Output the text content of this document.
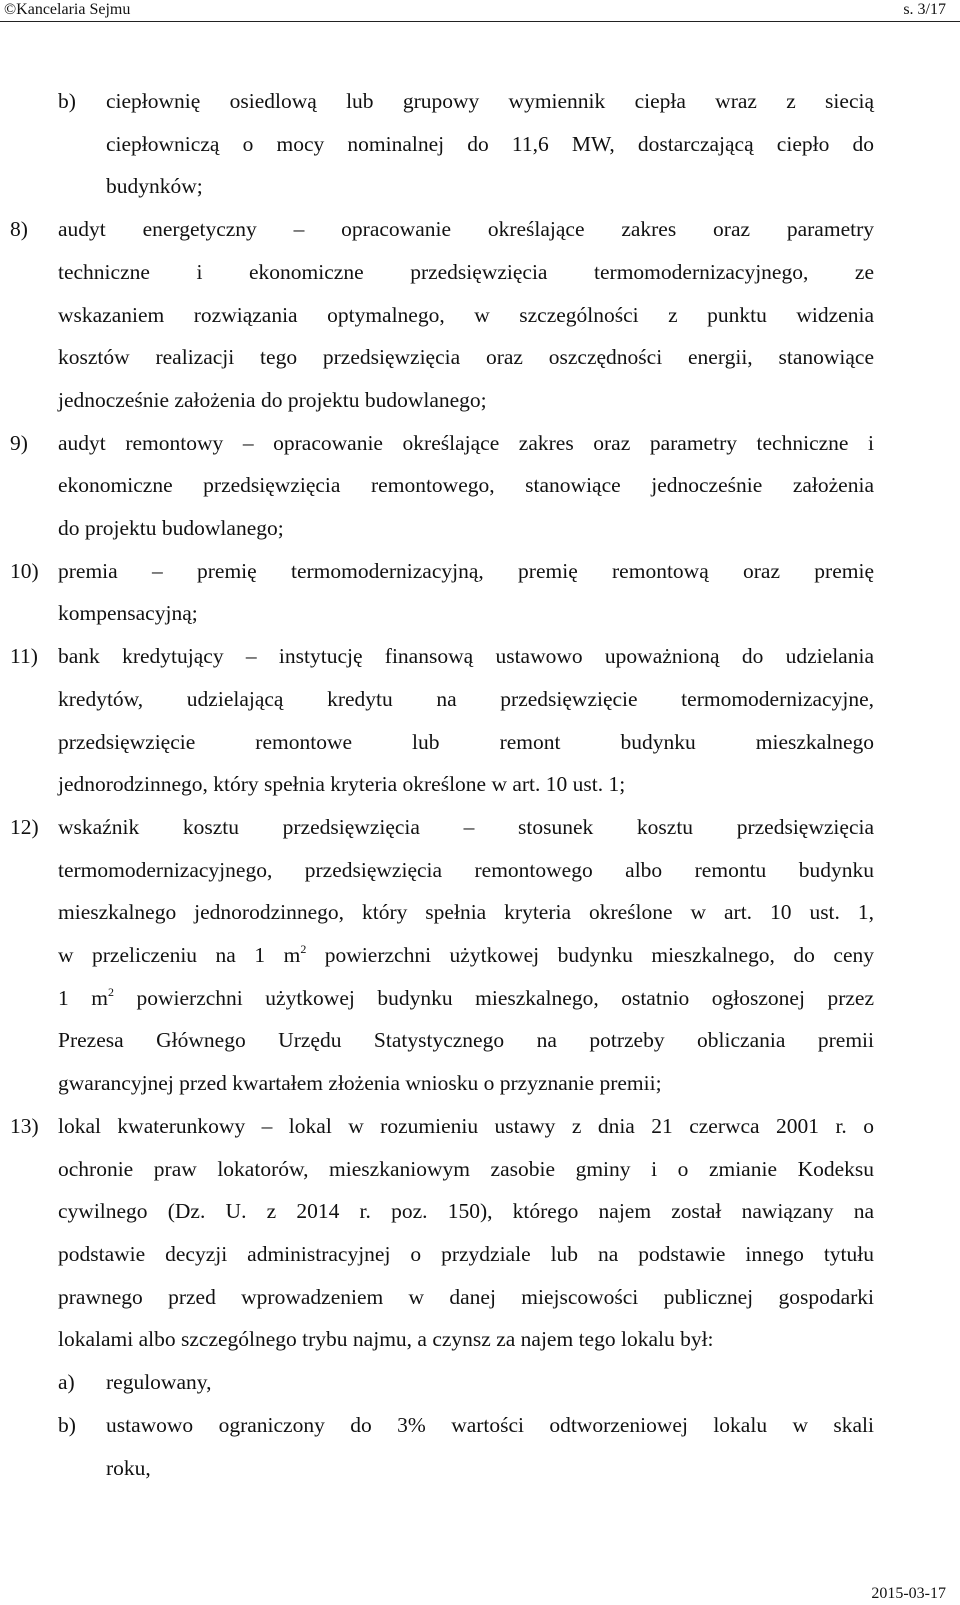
©Kancelaria Sejmu	s. 3/17
b)	ciepłownię osiedlową lub grupowy wymiennik ciepła wraz z siecią
ciepłowniczą o mocy nominalnej do 11,6 MW, dostarczającą ciepło do
budynków;
8)	audyt energetyczny – opracowanie określające zakres oraz parametry
techniczne i ekonomiczne przedsięwzięcia termomodernizacyjnego, ze
wskazaniem rozwiązania optymalnego, w szczególności z punktu widzenia
kosztów realizacji tego przedsięwzięcia oraz oszczędności energii, stanowiące
jednocześnie założenia do projektu budowlanego;
9)	audyt remontowy – opracowanie określające zakres oraz parametry techniczne i
ekonomiczne przedsięwzięcia remontowego, stanowiące jednocześnie założenia
do projektu budowlanego;
10) premia – premię termomodernizacyjną, premię remontową oraz premię
kompensacyjną;
11) bank kredytujący – instytucję finansową ustawowo upoważnioną do udzielania
kredytów, udzielającą kredytu na przedsięwzięcie termomodernizacyjne,
przedsięwzięcie remontowe lub remont budynku mieszkalnego
jednorodzinnego, który spełnia kryteria określone w art. 10 ust. 1;
12) wskaźnik kosztu przedsięwzięcia – stosunek kosztu przedsięwzięcia
termomodernizacyjnego, przedsięwzięcia remontowego albo remontu budynku
mieszkalnego jednorodzinnego, który spełnia kryteria określone w art. 10 ust. 1,
w przeliczeniu na 1 $m^2$ powierzchni użytkowej budynku mieszkalnego, do ceny
1 $m^2$ powierzchni użytkowej budynku mieszkalnego, ostatnio ogłoszonej przez
Prezesa Głównego Urzędu Statystycznego na potrzeby obliczania premii
gwarancyjnej przed kwartałem złożenia wniosku o przyznanie premii;
13) lokal kwaterunkowy – lokal w rozumieniu ustawy z dnia 21 czerwca 2001 r. o
ochronie praw lokatorów, mieszkaniowym zasobie gminy i o zmianie Kodeksu
cywilnego (Dz. U. z 2014 r. poz. 150), którego najem został nawiązany na
podstawie decyzji administracyjnej o przydziale lub na podstawie innego tytułu
prawnego przed wprowadzeniem w danej miejscowości publicznej gospodarki
lokalami albo szczególnego trybu najmu, a czynsz za najem tego lokalu był:
a)	regulowany,
b)	ustawowo ograniczony do 3% wartości odtworzeniowej lokalu w skali
roku,
2015-03-17
